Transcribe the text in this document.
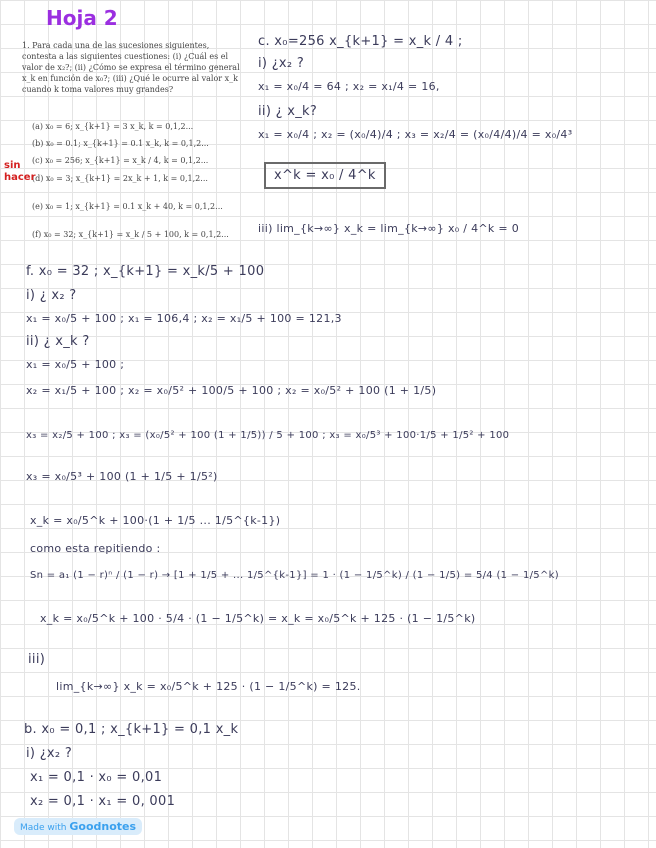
Hoja 2
1. Para cada una de las sucesiones siguientes, contesta a las siguientes cuestiones: (i) ¿Cuál es el valor de x₂?; (ii) ¿Cómo se expresa el término general x_k en función de x₀?; (iii) ¿Qué le ocurre al valor x_k cuando k toma valores muy grandes?
(a) x₀ = 6; x_{k+1} = 3 x_k, k = 0,1,2...
(b) x₀ = 0.1; x_{k+1} = 0.1 x_k, k = 0,1,2...
(c) x₀ = 256; x_{k+1} = x_k / 4, k = 0,1,2...
(d) x₀ = 3; x_{k+1} = 2x_k + 1, k = 0,1,2...
(e) x₀ = 1; x_{k+1} = 0.1 x_k + 40, k = 0,1,2...
(f) x₀ = 32; x_{k+1} = x_k / 5 + 100, k = 0,1,2...
sin
hacer
c. x₀=256 x_{k+1} = x_k / 4 ;
i) ¿x₂ ?
x₁ = x₀/4 = 64 ; x₂ = x₁/4 = 16,
ii) ¿ x_k?
x₁ = x₀/4 ; x₂ = (x₀/4)/4 ; x₃ = x₂/4 = (x₀/4/4)/4 = x₀/4³
x^k = x₀ / 4^k
iii) lim_{k→∞} x_k = lim_{k→∞} x₀ / 4^k = 0
f. x₀ = 32 ; x_{k+1} = x_k/5 + 100
i) ¿ x₂ ?
x₁ = x₀/5 + 100 ; x₁ = 106,4 ; x₂ = x₁/5 + 100 = 121,3
ii) ¿ x_k ?
x₁ = x₀/5 + 100 ;
x₂ = x₁/5 + 100 ; x₂ = x₀/5² + 100/5 + 100 ; x₂ = x₀/5² + 100 (1 + 1/5)
x₃ = x₂/5 + 100 ; x₃ = (x₀/5² + 100 (1 + 1/5)) / 5 + 100 ; x₃ = x₀/5³ + 100·1/5 + 1/5² + 100
x₃ = x₀/5³ + 100 (1 + 1/5 + 1/5²)
x_k = x₀/5^k + 100·(1 + 1/5 ... 1/5^{k-1})
como esta repitiendo :
Sn = a₁ (1 − r)ⁿ / (1 − r) → [1 + 1/5 + ... 1/5^{k-1}] = 1 · (1 − 1/5^k) / (1 − 1/5) = 5/4 (1 − 1/5^k)
x_k = x₀/5^k + 100 · 5/4 · (1 − 1/5^k) = x_k = x₀/5^k + 125 · (1 − 1/5^k)
iii)
lim_{k→∞} x_k = x₀/5^k + 125 · (1 − 1/5^k) = 125.
b. x₀ = 0,1 ; x_{k+1} = 0,1 x_k
i) ¿x₂ ?
x₁ = 0,1 · x₀ = 0,01
x₂ = 0,1 · x₁ = 0, 001
Made with Goodnotes
